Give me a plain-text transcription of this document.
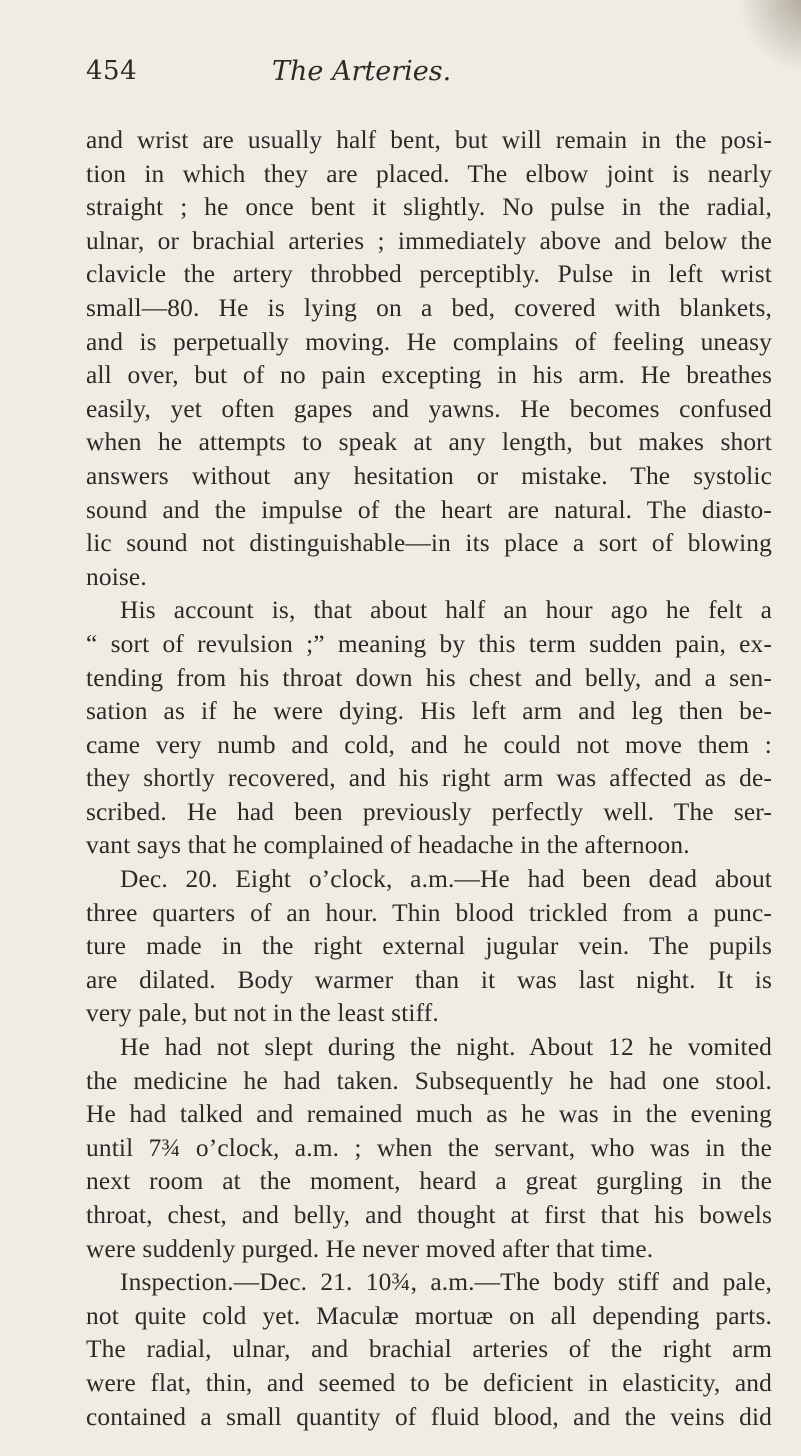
454	The Arteries.
and wrist are usually half bent, but will remain in the posi-
tion in which they are placed. The elbow joint is nearly
straight ; he once bent it slightly. No pulse in the radial,
ulnar, or brachial arteries ; immediately above and below the
clavicle the artery throbbed perceptibly. Pulse in left wrist
small—80. He is lying on a bed, covered with blankets,
and is perpetually moving. He complains of feeling uneasy
all over, but of no pain excepting in his arm. He breathes
easily, yet often gapes and yawns. He becomes confused
when he attempts to speak at any length, but makes short
answers without any hesitation or mistake. The systolic
sound and the impulse of the heart are natural. The diasto-
lic sound not distinguishable—in its place a sort of blowing
noise.
His account is, that about half an hour ago he felt a
“ sort of revulsion ;” meaning by this term sudden pain, ex-
tending from his throat down his chest and belly, and a sen-
sation as if he were dying. His left arm and leg then be-
came very numb and cold, and he could not move them :
they shortly recovered, and his right arm was affected as de-
scribed. He had been previously perfectly well. The ser-
vant says that he complained of headache in the afternoon.
Dec. 20. Eight o’clock, a.m.—He had been dead about
three quarters of an hour. Thin blood trickled from a punc-
ture made in the right external jugular vein. The pupils
are dilated. Body warmer than it was last night. It is
very pale, but not in the least stiff.
He had not slept during the night. About 12 he vomited
the medicine he had taken. Subsequently he had one stool.
He had talked and remained much as he was in the evening
until 7¾ o’clock, a.m. ; when the servant, who was in the
next room at the moment, heard a great gurgling in the
throat, chest, and belly, and thought at first that his bowels
were suddenly purged. He never moved after that time.
Inspection.—Dec. 21. 10¾, a.m.—The body stiff and pale,
not quite cold yet. Maculæ mortuæ on all depending parts.
The radial, ulnar, and brachial arteries of the right arm
were flat, thin, and seemed to be deficient in elasticity, and
contained a small quantity of fluid blood, and the veins did
